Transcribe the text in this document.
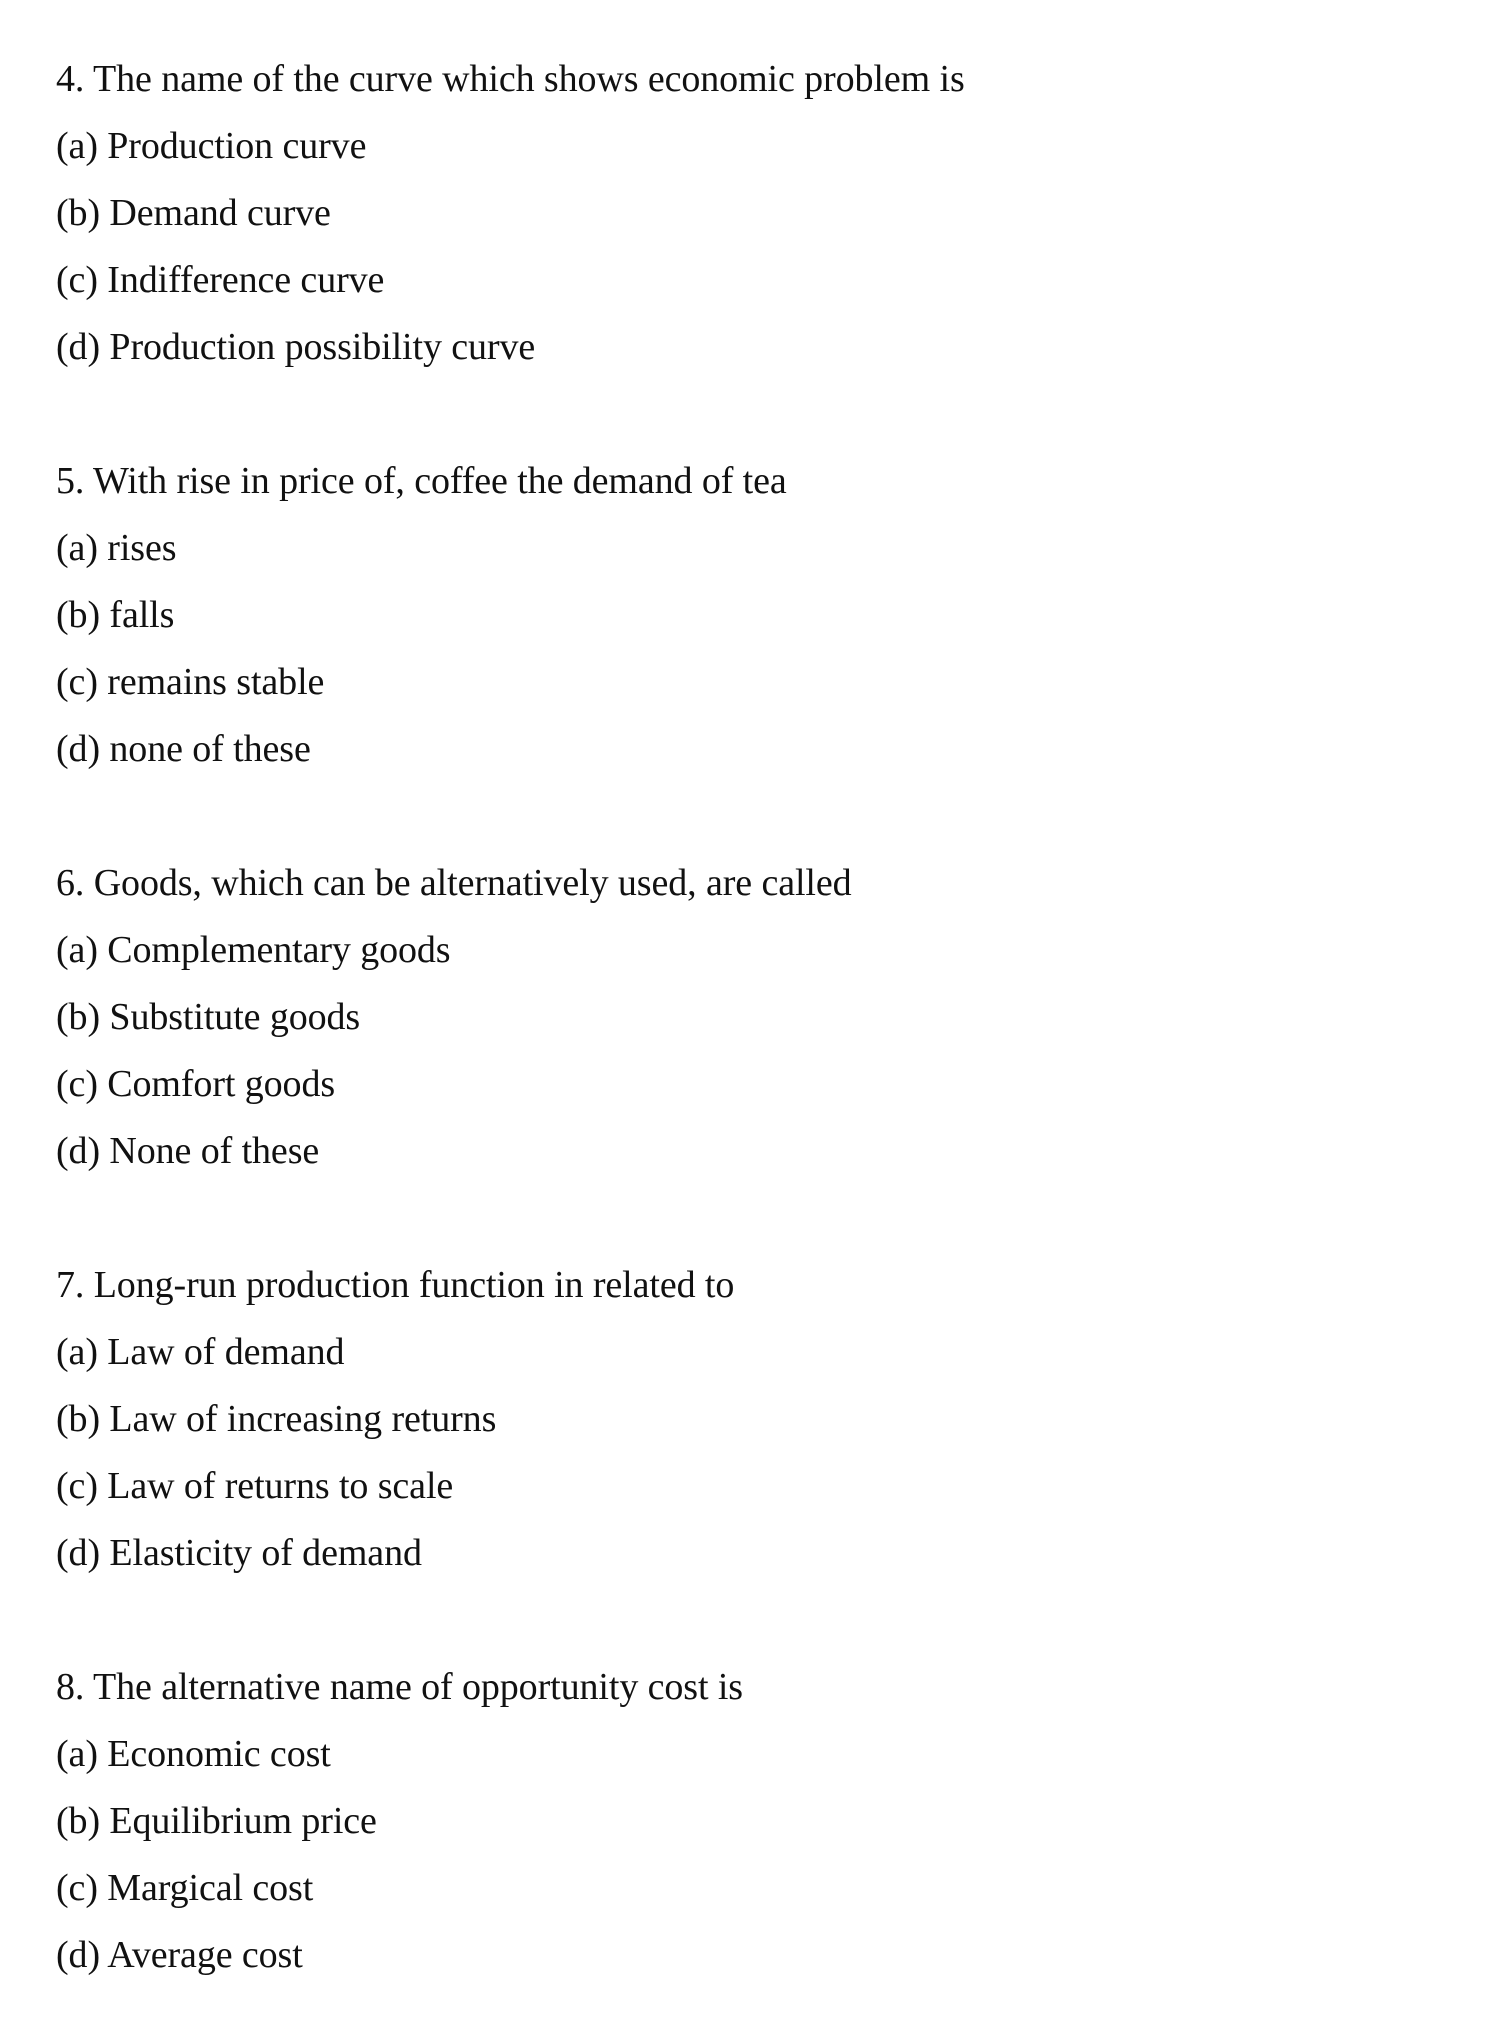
4. The name of the curve which shows economic problem is
(a) Production curve
(b) Demand curve
(c) Indifference curve
(d) Production possibility curve
5. With rise in price of, coffee the demand of tea
(a) rises
(b) falls
(c) remains stable
(d) none of these
6. Goods, which can be alternatively used, are called
(a) Complementary goods
(b) Substitute goods
(c) Comfort goods
(d) None of these
7. Long-run production function in related to
(a) Law of demand
(b) Law of increasing returns
(c) Law of returns to scale
(d) Elasticity of demand
8. The alternative name of opportunity cost is
(a) Economic cost
(b) Equilibrium price
(c) Margical cost
(d) Average cost
